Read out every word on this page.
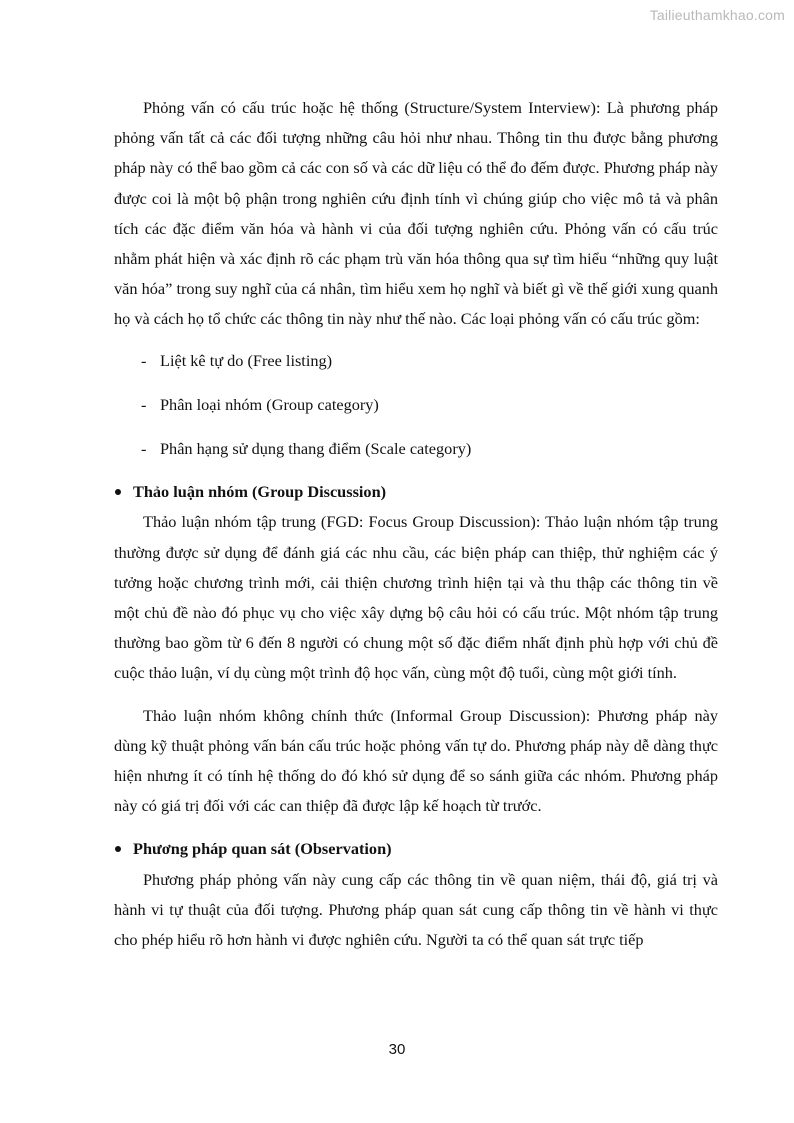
Tailieuthamkhao.com

Phỏng vấn có cấu trúc hoặc hệ thống (Structure/System Interview): Là phương pháp phỏng vấn tất cả các đối tượng những câu hỏi như nhau. Thông tin thu được bằng phương pháp này có thể bao gồm cả các con số và các dữ liệu có thể đo đếm được. Phương pháp này được coi là một bộ phận trong nghiên cứu định tính vì chúng giúp cho việc mô tả và phân tích các đặc điểm văn hóa và hành vi của đối tượng nghiên cứu. Phỏng vấn có cấu trúc nhằm phát hiện và xác định rõ các phạm trù văn hóa thông qua sự tìm hiểu “những quy luật văn hóa” trong suy nghĩ của cá nhân, tìm hiểu xem họ nghĩ và biết gì về thế giới xung quanh họ và cách họ tổ chức các thông tin này như thế nào. Các loại phỏng vấn có cấu trúc gồm:

- Liệt kê tự do (Free listing)
- Phân loại nhóm (Group category)
- Phân hạng sử dụng thang điểm (Scale category)
Thảo luận nhóm (Group Discussion)

Thảo luận nhóm tập trung (FGD: Focus Group Discussion): Thảo luận nhóm tập trung thường được sử dụng để đánh giá các nhu cầu, các biện pháp can thiệp, thử nghiệm các ý tưởng hoặc chương trình mới, cải thiện chương trình hiện tại và thu thập các thông tin về một chủ đề nào đó phục vụ cho việc xây dựng bộ câu hỏi có cấu trúc. Một nhóm tập trung thường bao gồm từ 6 đến 8 người có chung một số đặc điểm nhất định phù hợp với chủ đề cuộc thảo luận, ví dụ cùng một trình độ học vấn, cùng một độ tuổi, cùng một giới tính.

Thảo luận nhóm không chính thức (Informal Group Discussion): Phương pháp này dùng kỹ thuật phỏng vấn bán cấu trúc hoặc phỏng vấn tự do. Phương pháp này dễ dàng thực hiện nhưng ít có tính hệ thống do đó khó sử dụng để so sánh giữa các nhóm. Phương pháp này có giá trị đối với các can thiệp đã được lập kế hoạch từ trước.

Phương pháp quan sát (Observation)

Phương pháp phỏng vấn này cung cấp các thông tin về quan niệm, thái độ, giá trị và hành vi tự thuật của đối tượng. Phương pháp quan sát cung cấp thông tin về hành vi thực cho phép hiểu rõ hơn hành vi được nghiên cứu. Người ta có thể quan sát trực tiếp

30
